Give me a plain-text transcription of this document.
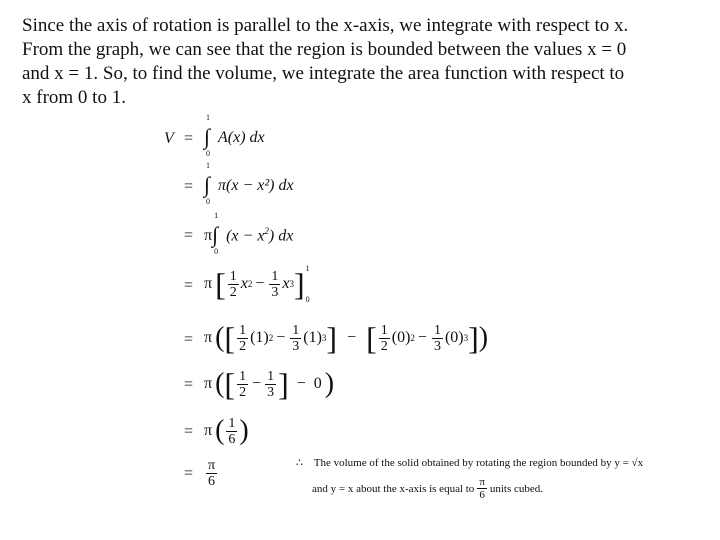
Since the axis of rotation is parallel to the x-axis, we integrate with respect to x.

From the graph, we can see that the region is bounded between the values x = 0

and x = 1. So, to find the volume, we integrate the area function with respect to

x from 0 to 1.

V =
=
=
=
=
=
=
=
1
∫
0
A(x) dx
1
∫
0
π(x − x²) dx
π
1
∫
0
$(x - x^2)$ dx
π [ $\frac{1}{2}$ x $2 - \frac{1}{3}$ x 3 ] 1
0
π ( [ $\frac{1}{2} (1) 2 - \frac{1}{3} (1)$ 3 ] − [ $\frac{1}{2} (0) 2 - \frac{1}{3} (0)$ 3 ] )
π ( [ $\frac{1}{2} - \frac{1}{3}$ ] − 0 )
π ( $\frac{1}{6}$ )
$\frac{\pi}{6}$	∴ The volume of the solid obtained by rotating the region bounded by y = √x
and y = x about the x-axis is equal to $\frac{\pi}{6}$ units cubed.
